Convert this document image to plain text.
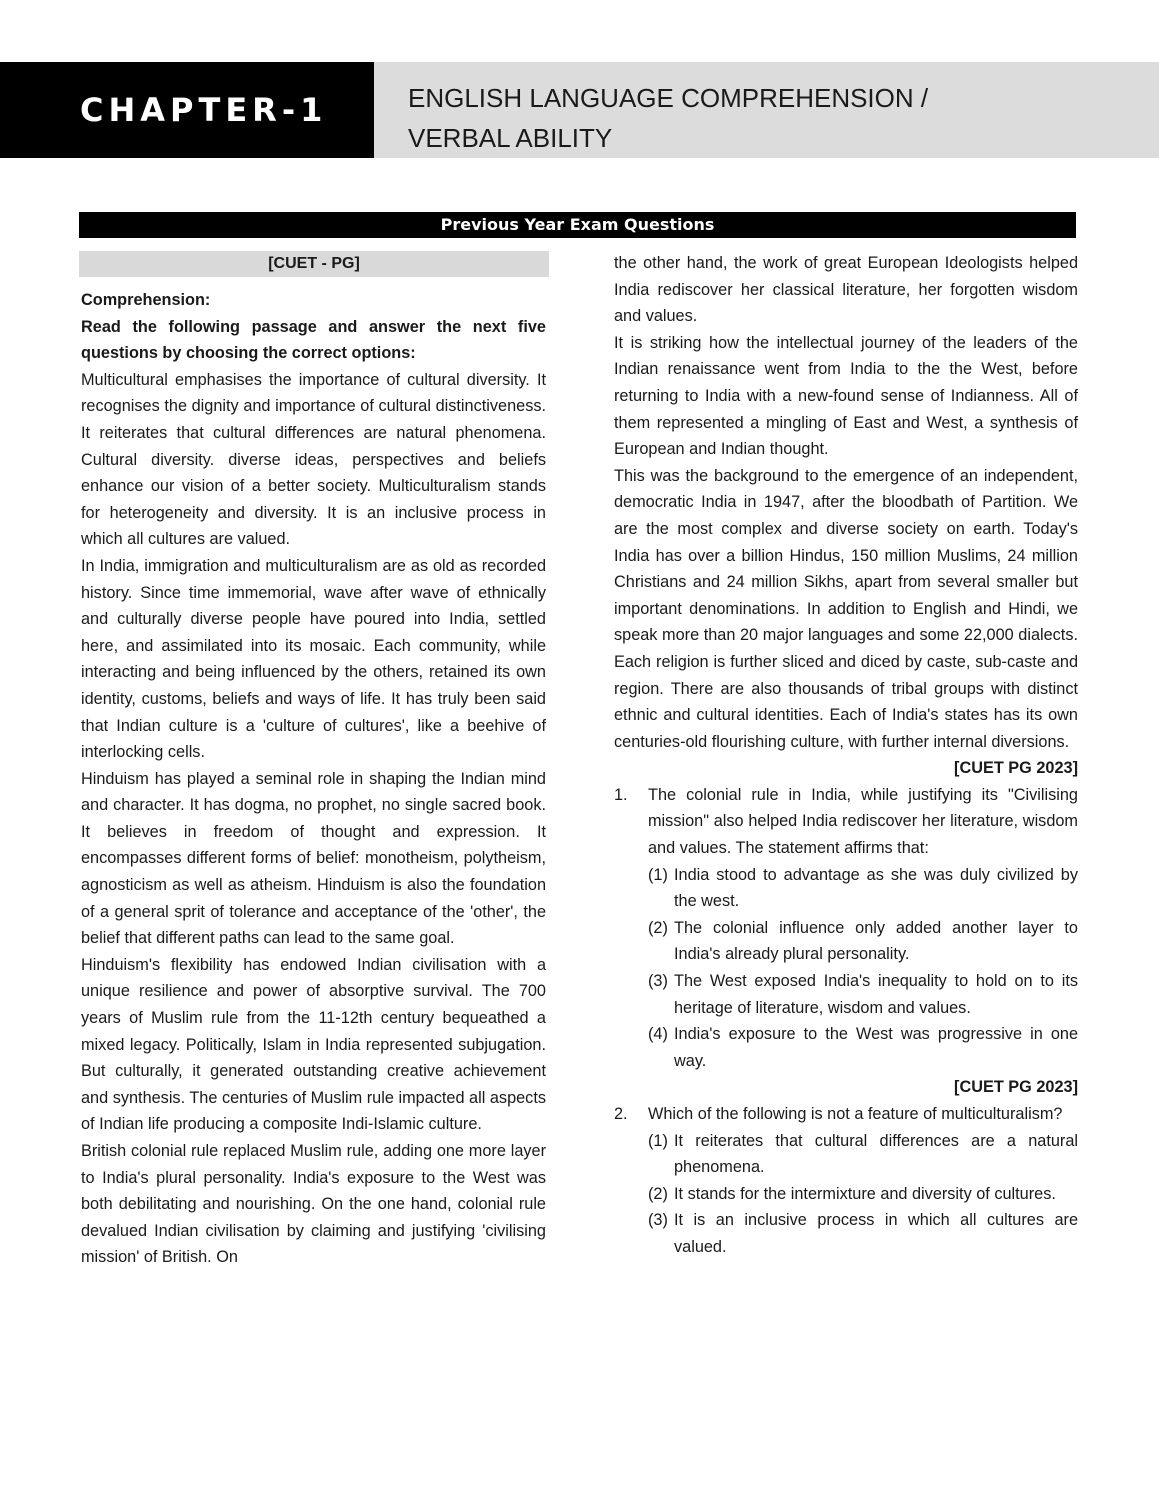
CHAPTER-1	ENGLISH LANGUAGE COMPREHENSION /
VERBAL ABILITY
Previous Year Exam Questions
[CUET - PG]

Comprehension:

Read the following passage and answer the next five questions by choosing the correct options:

Multicultural emphasises the importance of cultural diversity. It recognises the dignity and importance of cultural distinctiveness. It reiterates that cultural differences are natural phenomena. Cultural diversity. diverse ideas, perspectives and beliefs enhance our vision of a better society. Multiculturalism stands for heterogeneity and diversity. It is an inclusive process in which all cultures are valued.

In India, immigration and multiculturalism are as old as recorded history. Since time immemorial, wave after wave of ethnically and culturally diverse people have poured into India, settled here, and assimilated into its mosaic. Each community, while interacting and being influenced by the others, retained its own identity, customs, beliefs and ways of life. It has truly been said that Indian culture is a 'culture of cultures', like a beehive of interlocking cells.

Hinduism has played a seminal role in shaping the Indian mind and character. It has dogma, no prophet, no single sacred book. It believes in freedom of thought and expression. It encompasses different forms of belief: monotheism, polytheism, agnosticism as well as atheism. Hinduism is also the foundation of a general sprit of tolerance and acceptance of the 'other', the belief that different paths can lead to the same goal.

Hinduism's flexibility has endowed Indian civilisation with a unique resilience and power of absorptive survival. The 700 years of Muslim rule from the 11-12th century bequeathed a mixed legacy. Politically, Islam in India represented subjugation. But culturally, it generated outstanding creative achievement and synthesis. The centuries of Muslim rule impacted all aspects of Indian life producing a composite Indi-Islamic culture.

British colonial rule replaced Muslim rule, adding one more layer to India's plural personality. India's exposure to the West was both debilitating and nourishing. On the one hand, colonial rule devalued Indian civilisation by claiming and justifying 'civilising mission' of British. On

the other hand, the work of great European Ideologists helped India rediscover her classical literature, her forgotten wisdom and values.

It is striking how the intellectual journey of the leaders of the Indian renaissance went from India to the the West, before returning to India with a new-found sense of Indianness. All of them represented a mingling of East and West, a synthesis of European and Indian thought.

This was the background to the emergence of an independent, democratic India in 1947, after the bloodbath of Partition. We are the most complex and diverse society on earth. Today's India has over a billion Hindus, 150 million Muslims, 24 million Christians and 24 million Sikhs, apart from several smaller but important denominations. In addition to English and Hindi, we speak more than 20 major languages and some 22,000 dialects. Each religion is further sliced and diced by caste, sub-caste and region. There are also thousands of tribal groups with distinct ethnic and cultural identities. Each of India's states has its own centuries-old flourishing culture, with further internal diversions.

[CUET PG 2023]

1.	The colonial rule in India, while justifying its "Civilising mission" also helped India rediscover her literature, wisdom and values. The statement affirms that:
(1) India stood to advantage as she was duly civilized by the west.
(2) The colonial influence only added another layer to India's already plural personality.
(3) The West exposed India's inequality to hold on to its heritage of literature, wisdom and values.
(4) India's exposure to the West was progressive in one way.

[CUET PG 2023]

2.	Which of the following is not a feature of multiculturalism?
(1) It reiterates that cultural differences are a natural phenomena.
(2) It stands for the intermixture and diversity of cultures.
(3) It is an inclusive process in which all cultures are valued.
